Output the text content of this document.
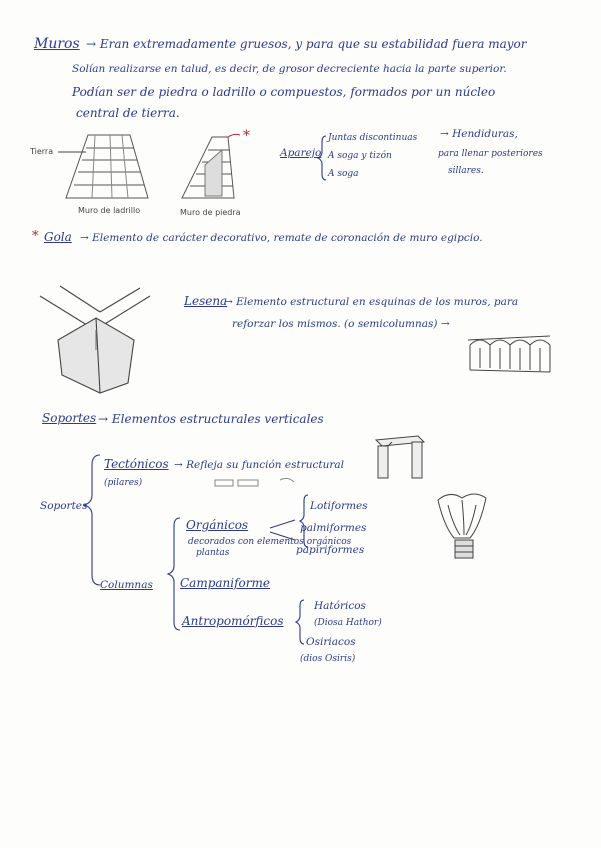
Muros → Eran extremadamente gruesos, y para que su estabilidad fuera mayor
Solían realizarse en talud, es decir, de grosor decreciente hacia la parte superior.
Podían ser de piedra o ladrillo o compuestos, formados por un núcleo
central de tierra.
Tierra
Muro de ladrillo	Muro de piedra
*
Aparejo
Juntas discontinuas
A soga y tizón
A soga
→ Hendiduras,
para llenar posteriores
sillares.
* Gola → Elemento de carácter decorativo, remate de coronación de muro egipcio.
Lesena
→ Elemento estructural en esquinas de los muros, para
reforzar los mismos. (o semicolumnas) →
Soportes → Elementos estructurales verticales
Soportes
Tectónicos
(pilares)
→ Refleja su función estructural
Columnas
Orgánicos
decorados con elementos orgánicos
plantas
Lotiformes
palmiformes
papiriformes
Campaniforme
Antropomórficos
Hatóricos
(Diosa Hathor)
Osiriacos
(dios Osiris)
